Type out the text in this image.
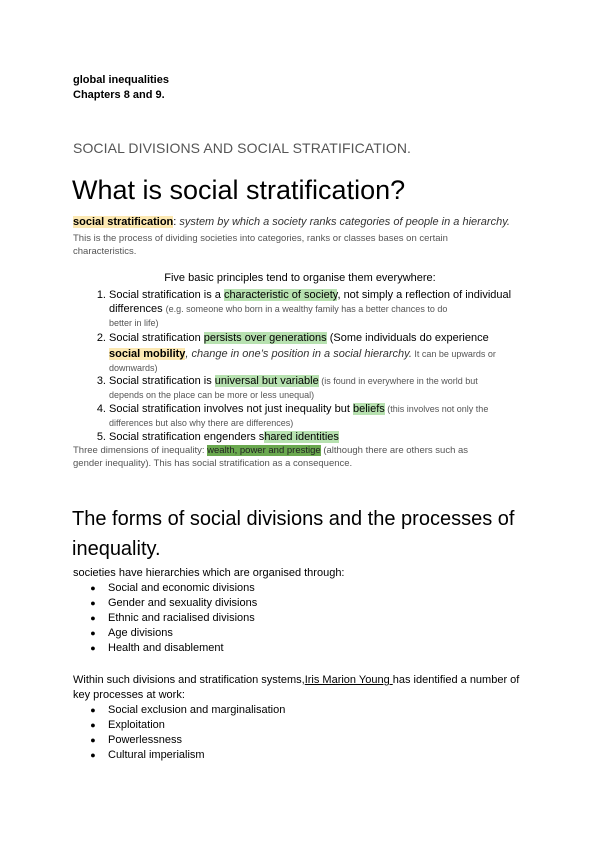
global inequalities
Chapters 8 and 9.
SOCIAL DIVISIONS AND SOCIAL STRATIFICATION.
What is social stratification?
social stratification: system by which a society ranks categories of people in a hierarchy.
This is the process of dividing societies into categories, ranks or classes bases on certain
characteristics.
Five basic principles tend to organise them everywhere:
1. Social stratification is a characteristic of society, not simply a reflection of individual
differences (e.g. someone who born in a wealthy family has a better chances to do
better in life)
2. Social stratification persists over generations (Some individuals do experience
social mobility, change in one’s position in a social hierarchy. It can be upwards or
downwards)
3. Social stratification is universal but variable (is found in everywhere in the world but
depends on the place can be more or less unequal)
4. Social stratification involves not just inequality but beliefs (this involves not only the
differences but also why there are differences)
5. Social stratification engenders shared identities
Three dimensions of inequality: wealth, power and prestige (although there are others such as
gender inequality). This has social stratification as a consequence.
The forms of social divisions and the processes of
inequality.
societies have hierarchies which are organised through:
● Social and economic divisions
● Gender and sexuality divisions
● Ethnic and racialised divisions
● Age divisions
● Health and disablement
Within such divisions and stratification systems,Iris Marion Young has identified a number of
key processes at work:
● Social exclusion and marginalisation
● Exploitation
● Powerlessness
● Cultural imperialism
